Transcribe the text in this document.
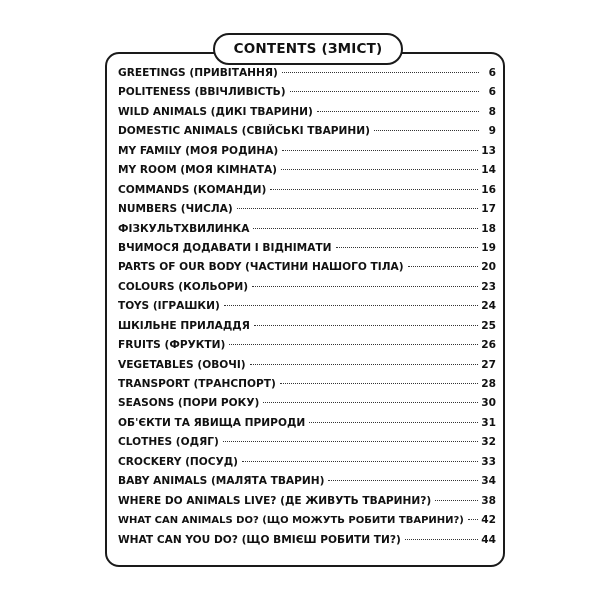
CONTENTS (ЗМІСТ)
GREETINGS (ПРИВІТАННЯ)	6
POLITENESS (ВВІЧЛИВІСТЬ)	6
WILD ANIMALS (ДИКІ ТВАРИНИ)	8
DOMESTIC ANIMALS (СВІЙСЬКІ ТВАРИНИ)	9
MY FAMILY (МОЯ РОДИНА)	13
MY ROOM (МОЯ КІМНАТА)	14
COMMANDS (КОМАНДИ)	16
NUMBERS (ЧИСЛА)	17
ФІЗКУЛЬТХВИЛИНКА	18
ВЧИМОСЯ ДОДАВАТИ І ВІДНІМАТИ	19
PARTS OF OUR BODY (ЧАСТИНИ НАШОГО ТІЛА)	20
COLOURS (КОЛЬОРИ)	23
TOYS (ІГРАШКИ)	24
ШКІЛЬНЕ ПРИЛАДДЯ	25
FRUITS (ФРУКТИ)	26
VEGETABLES (ОВОЧІ)	27
TRANSPORT (ТРАНСПОРТ)	28
SEASONS (ПОРИ РОКУ)	30
ОБ'ЄКТИ ТА ЯВИЩА ПРИРОДИ	31
CLOTHES (ОДЯГ)	32
CROCKERY (ПОСУД)	33
BABY ANIMALS (МАЛЯТА ТВАРИН)	34
WHERE DO ANIMALS LIVE? (ДЕ ЖИВУТЬ ТВАРИНИ?)	38
WHAT CAN ANIMALS DO? (ЩО МОЖУТЬ РОБИТИ ТВАРИНИ?) 42
WHAT CAN YOU DO? (ЩО ВМІЄШ РОБИТИ ТИ?)	44
